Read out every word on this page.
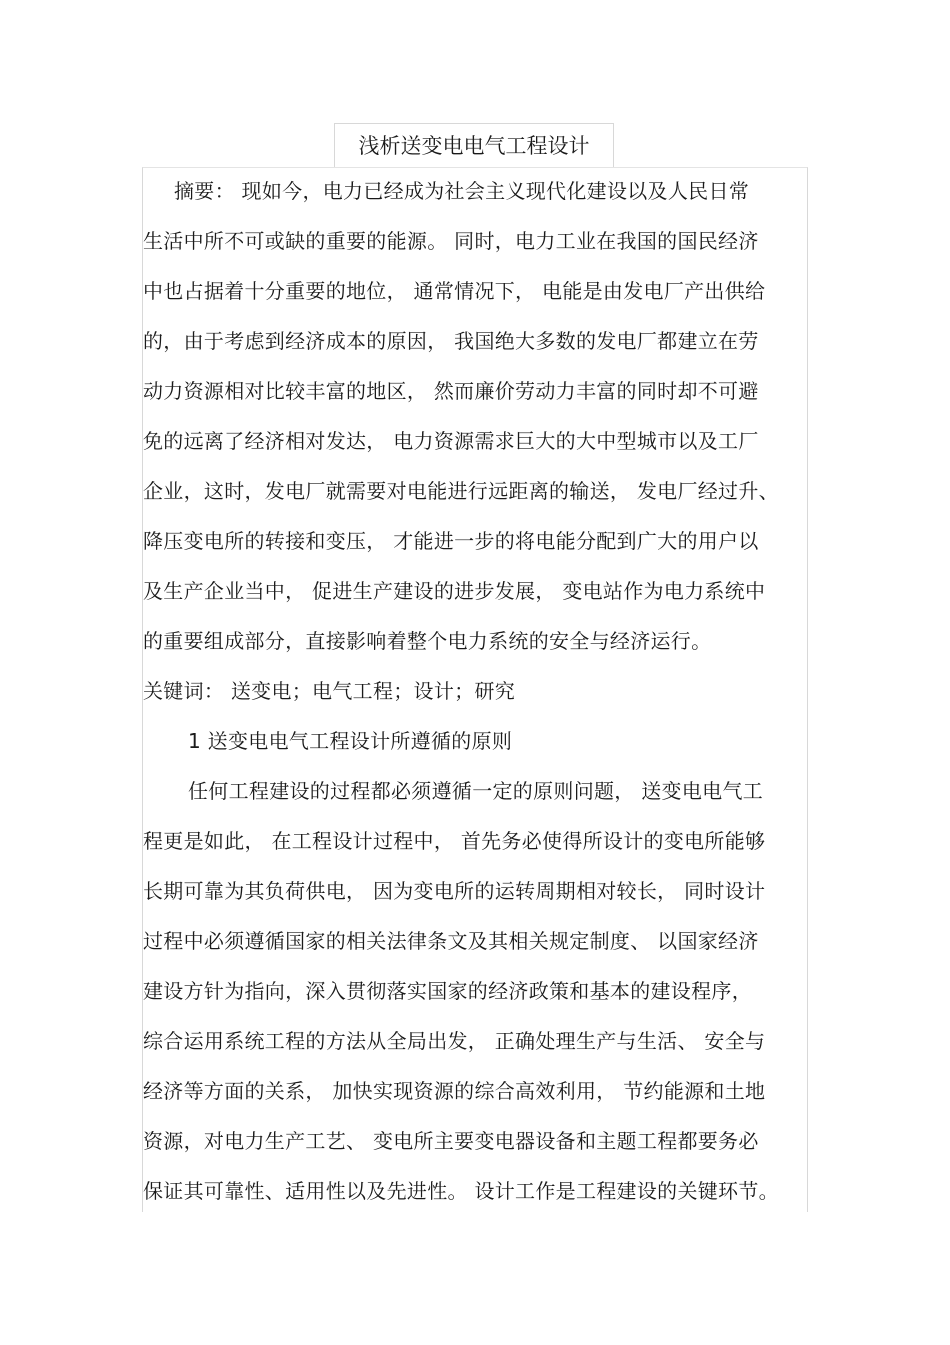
浅析送变电电气工程设计
摘要： 现如今，电力已经成为社会主义现代化建设以及人民日常
生活中所不可或缺的重要的能源。 同时，电力工业在我国的国民经济
中也占据着十分重要的地位， 通常情况下， 电能是由发电厂产出供给
的，由于考虑到经济成本的原因， 我国绝大多数的发电厂都建立在劳
动力资源相对比较丰富的地区， 然而廉价劳动力丰富的同时却不可避
免的远离了经济相对发达， 电力资源需求巨大的大中型城市以及工厂
企业，这时，发电厂就需要对电能进行远距离的输送， 发电厂经过升、
降压变电所的转接和变压， 才能进一步的将电能分配到广大的用户以
及生产企业当中， 促进生产建设的进步发展， 变电站作为电力系统中
的重要组成部分，直接影响着整个电力系统的安全与经济运行。
关键词： 送变电；电气工程；设计；研究
1 送变电电气工程设计所遵循的原则
任何工程建设的过程都必须遵循一定的原则问题， 送变电电气工
程更是如此， 在工程设计过程中， 首先务必使得所设计的变电所能够
长期可靠为其负荷供电， 因为变电所的运转周期相对较长， 同时设计
过程中必须遵循国家的相关法律条文及其相关规定制度、 以国家经济
建设方针为指向，深入贯彻落实国家的经济政策和基本的建设程序，
综合运用系统工程的方法从全局出发， 正确处理生产与生活、 安全与
经济等方面的关系， 加快实现资源的综合高效利用， 节约能源和土地
资源，对电力生产工艺、 变电所主要变电器设备和主题工程都要务必
保证其可靠性、适用性以及先进性。 设计工作是工程建设的关键环节。
